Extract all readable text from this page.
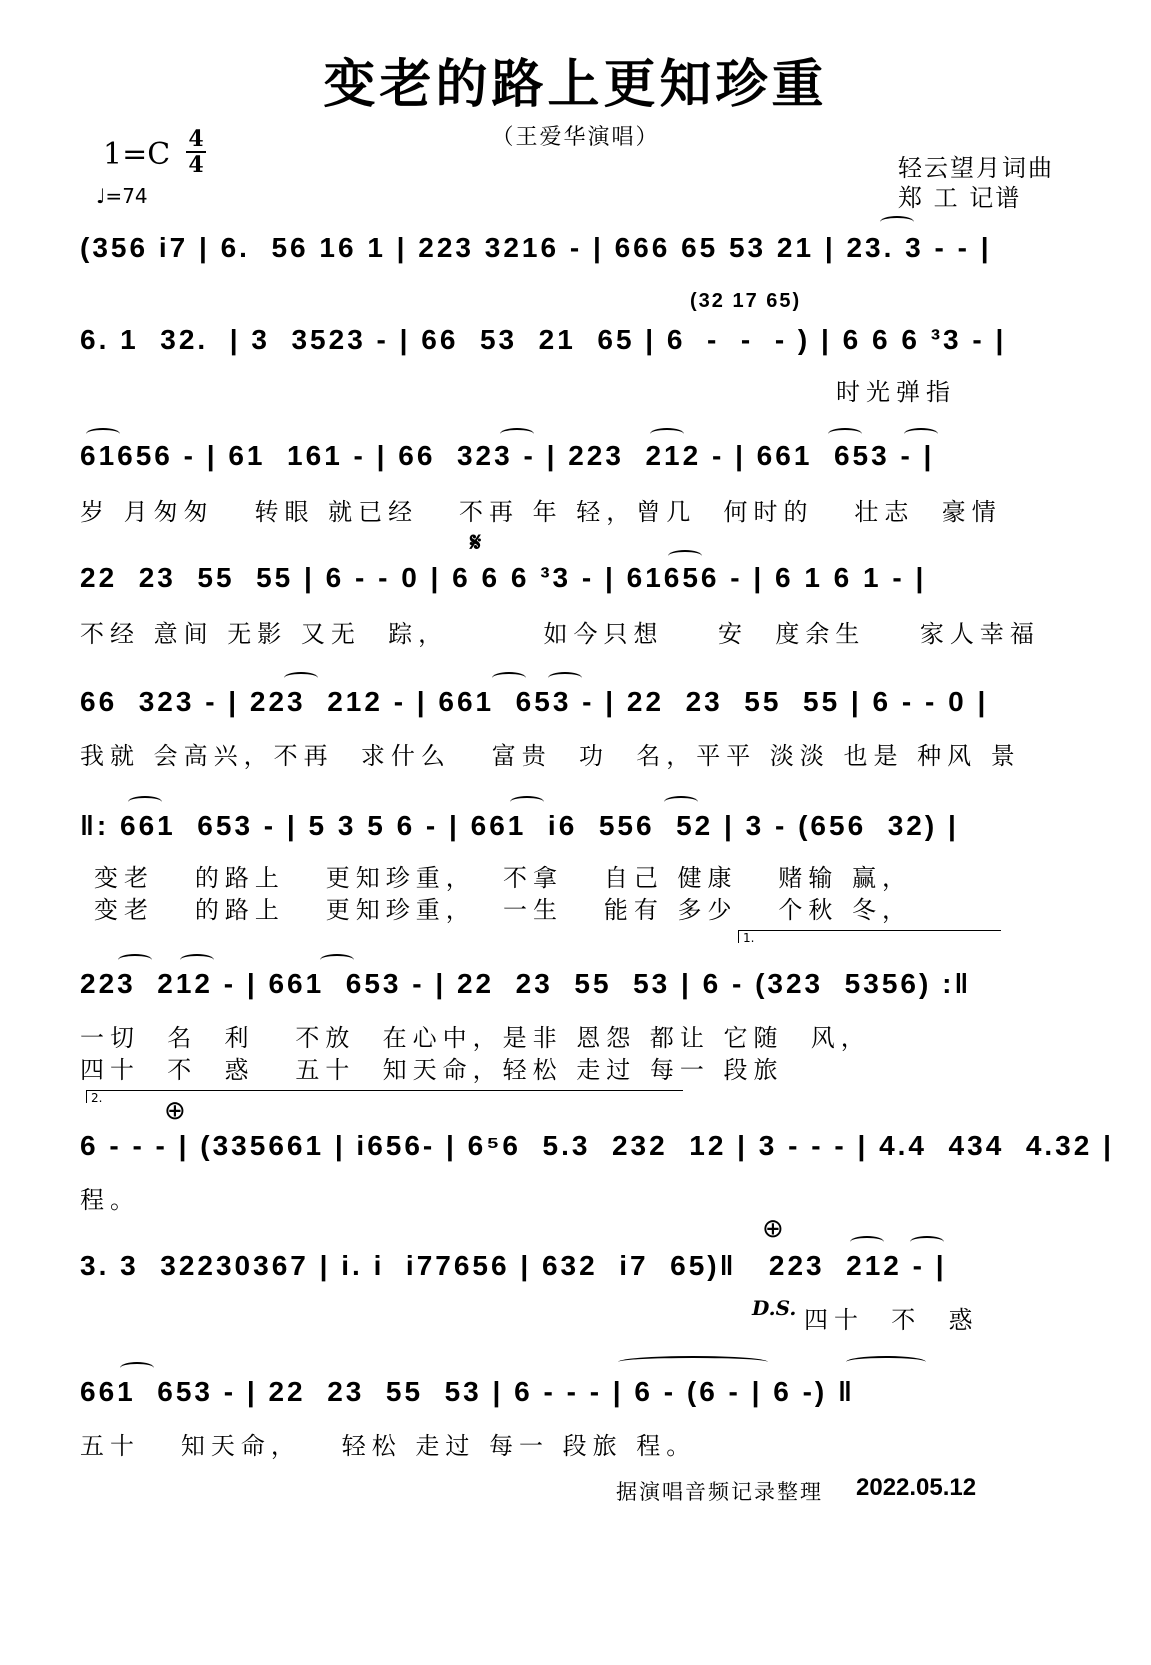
变老的路上更知珍重
（王爱华演唱）
1=C 4
4
♩=74
轻云望月词曲
郑 工 记谱
(356 i7 | 6.  56 16 1 | 223 3216 - | 666 65 53 21 | 23. 3 - - |
(32 17 65)
6. 1  32.  | 3  3523 - | 66  53  21  65 | 6  -  -  - ) | 6 6 6 ³3 - |
时光弹指
61656 - | 61  161 - | 66  323 - | 223  212 - | 661  653 - |
岁 月匆匆   转眼 就已经   不再 年 轻，曾几  何时的   壮志  豪情
𝄋
22  23  55  55 | 6 - - 0 | 6 6 6 ³3 - | 61656 - | 6 1 6 1 - |
不经 意间 无影 又无  踪，       如今只想    安  度余生    家人幸福
66  323 - | 223  212 - | 661  653 - | 22  23  55  55 | 6 - - 0 |
我就 会高兴，不再  求什么   富贵  功  名，平平 淡淡 也是 种风 景
‖: 661  653 - | 5 3 5 6 - | 661  i6  556  52 | 3 - (656  32) |
变老   的路上   更知珍重，  不拿   自己 健康   赌输 赢，
变老   的路上   更知珍重，  一生   能有 多少   个秋 冬，
1.
223  212 - | 661  653 - | 22  23  55  53 | 6 - (323  5356) :‖
一切  名  利   不放  在心中，是非 恩怨 都让 它随  风，
四十  不  惑   五十  知天命，轻松 走过 每一 段旅
2. ⊕
6 - - - | (335661 | i656- | 6⁵6  5.3  232  12 | 3 - - - | 4.4  434  4.32 |
程。
⊕
3. 3  32230367 | i. i  i77656 | 632  i7  65)‖   223  212 - |
D.S. 四十  不  惑
661  653 - | 22  23  55  53 | 6 - - - | 6 - (6 - | 6 -) ‖
五十   知天命，   轻松 走过 每一 段旅 程。
据演唱音频记录整理 2022.05.12
